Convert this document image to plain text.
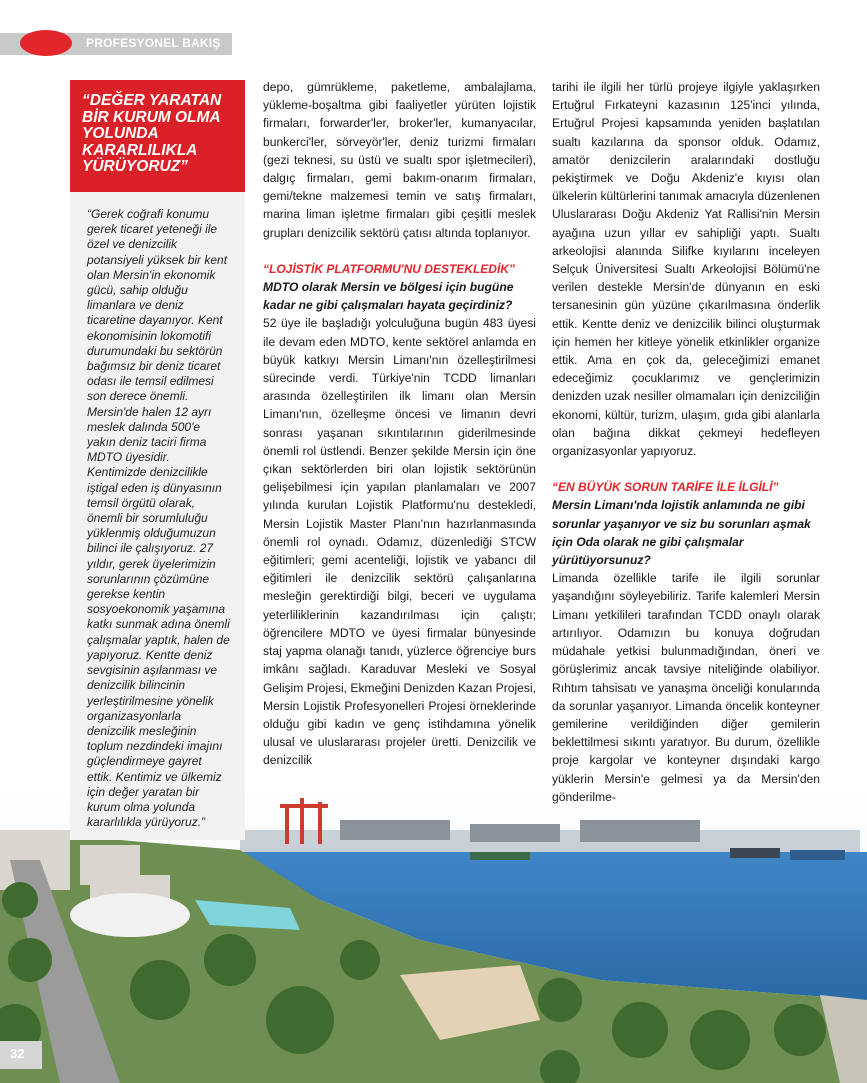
PROFESYONEL BAKIŞ
“DEĞER YARATAN BİR KURUM OLMA YOLUNDA KARARLILIKLA YÜRÜYORUZ”

“Gerek coğrafi konumu gerek ticaret yeteneği ile özel ve denizcilik potansiyeli yüksek bir kent olan Mersin'in ekonomik gücü, sahip olduğu limanlara ve deniz ticaretine dayanıyor. Kent ekonomisinin lokomotifi durumundaki bu sektörün bağımsız bir deniz ticaret odası ile temsil edilmesi son derece önemli. Mersin'de halen 12 ayrı meslek dalında 500'e yakın deniz taciri firma MDTO üyesidir. Kentimizde denizcilikle iştigal eden iş dünyasının temsil örgütü olarak, önemli bir sorumluluğu yüklenmiş olduğumuzun bilinci ile çalışıyoruz. 27 yıldır, gerek üyelerimizin sorunlarının çözümüne gerekse kentin sosyoekonomik yaşamına katkı sunmak adına önemli çalışmalar yaptık, halen de yapıyoruz. Kentte deniz sevgisinin aşılanması ve denizcilik bilincinin yerleştirilmesine yönelik organizasyonlarla denizcilik mesleğinin toplum nezdindeki imajını güçlendirmeye gayret ettik. Kentimiz ve ülkemiz için değer yaratan bir kurum olma yolunda kararlılıkla yürüyoruz.”

depo, gümrükleme, paketleme, ambalajlama, yükleme-boşaltma gibi faaliyetler yürüten lojistik firmaları, forwarder'ler, broker'ler, kumanyacılar, bunkerci'ler, sörveyör'ler, deniz turizmi firmaları (gezi teknesi, su üstü ve sualtı spor işletmecileri), dalgıç firmaları, gemi bakım-onarım firmaları, gemi/tekne malzemesi temin ve satış firmaları, marina liman işletme firmaları gibi çeşitli meslek grupları denizcilik sektörü çatısı altında toplanıyor.

“LOJİSTİK PLATFORMU'NU DESTEKLEDİK”

MDTO olarak Mersin ve bölgesi için bugüne kadar ne gibi çalışmaları hayata geçirdiniz?

52 üye ile başladığı yolculuğuna bugün 483 üyesi ile devam eden MDTO, kente sektörel anlamda en büyük katkıyı Mersin Limanı'nın özelleştirilmesi sürecinde verdi. Türkiye'nin TCDD limanları arasında özelleştirilen ilk limanı olan Mersin Limanı'nın, özelleşme öncesi ve limanın devri sonrası yaşanan sıkıntılarının giderilmesinde önemli rol üstlendi. Benzer şekilde Mersin için öne çıkan sektörlerden biri olan lojistik sektörünün gelişebilmesi için yapılan planlamaları ve 2007 yılında kurulan Lojistik Platformu'nu destekledi, Mersin Lojistik Master Planı'nın hazırlanmasında önemli rol oynadı. Odamız, düzenlediği STCW eğitimleri; gemi acenteliği, lojistik ve yabancı dil eğitimleri ile denizcilik sektörü çalışanlarına mesleğin gerektirdiği bilgi, beceri ve uygulama yeterliliklerinin kazandırılması için çalıştı; öğrencilere MDTO ve üyesi firmalar bünyesinde staj yapma olanağı tanıdı, yüzlerce öğrenciye burs imkânı sağladı. Karaduvar Mesleki ve Sosyal Gelişim Projesi, Ekmeğini Denizden Kazan Projesi, Mersin Lojistik Profesyonelleri Projesi örneklerinde olduğu gibi kadın ve genç istihdamına yönelik ulusal ve uluslararası projeler üretti. Denizcilik ve denizcilik

tarihi ile ilgili her türlü projeye ilgiyle yaklaşırken Ertuğrul Fırkateyni kazasının 125'inci yılında, Ertuğrul Projesi kapsamında yeniden başlatılan sualtı kazılarına da sponsor olduk. Odamız, amatör denizcilerin aralarındaki dostluğu pekiştirmek ve Doğu Akdeniz'e kıyısı olan ülkelerin kültürlerini tanımak amacıyla düzenlenen Uluslararası Doğu Akdeniz Yat Rallisi'nin Mersin ayağına uzun yıllar ev sahipliği yaptı. Sualtı arkeolojisi alanında Silifke kıyılarını inceleyen Selçuk Üniversitesi Sualtı Arkeolojisi Bölümü'ne verilen destekle Mersin'de dünyanın en eski tersanesinin gün yüzüne çıkarılmasına önderlik ettik. Kentte deniz ve denizcilik bilinci oluşturmak için hemen her kitleye yönelik etkinlikler organize ettik. Ama en çok da, geleceğimizi emanet edeceğimiz çocuklarımız ve gençlerimizin denizden uzak nesiller olmamaları için denizciliğin ekonomi, kültür, turizm, ulaşım, gıda gibi alanlarla olan bağına dikkat çekmeyi hedefleyen organizasyonlar yapıyoruz.

“EN BÜYÜK SORUN TARİFE İLE İLGİLİ”

Mersin Limanı'nda lojistik anlamında ne gibi sorunlar yaşanıyor ve siz bu sorunları aşmak için Oda olarak ne gibi çalışmalar yürütüyorsunuz?

Limanda özellikle tarife ile ilgili sorunlar yaşandığını söyleyebiliriz. Tarife kalemleri Mersin Limanı yetkilileri tarafından TCDD onaylı olarak artırılıyor. Odamızın bu konuya doğrudan müdahale yetkisi bulunmadığından, öneri ve görüşlerimiz ancak tavsiye niteliğinde olabiliyor. Rıhtım tahsisatı ve yanaşma önceliği konularında da sorunlar yaşanıyor. Limanda öncelik konteyner gemilerine verildiğinden diğer gemilerin beklettilmesi sıkıntı yaratıyor. Bu durum, özellikle proje kargolar ve konteyner dışındaki kargo yüklerin Mersin'e gelmesi ya da Mersin'den gönderilme-

32
